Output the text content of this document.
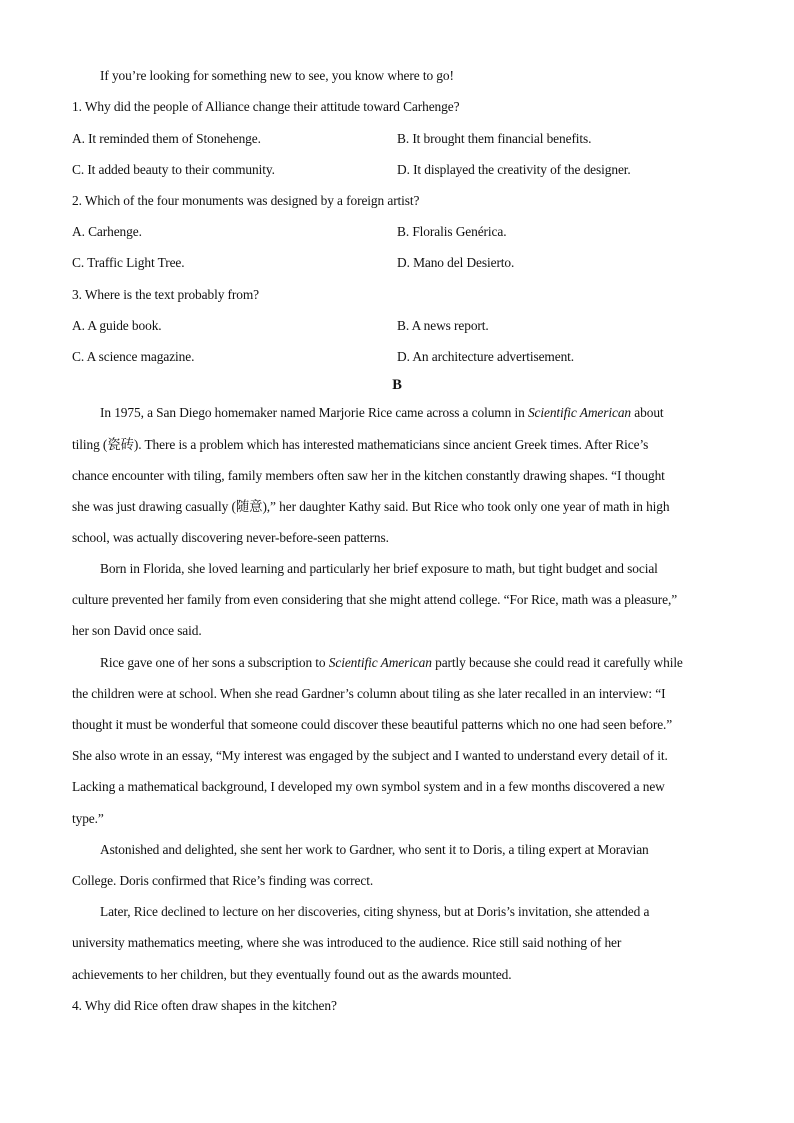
If you’re looking for something new to see, you know where to go!
1. Why did the people of Alliance change their attitude toward Carhenge?
A. It reminded them of Stonehenge.	B. It brought them financial benefits.
C. It added beauty to their community.	D. It displayed the creativity of the designer.
2. Which of the four monuments was designed by a foreign artist?
A. Carhenge.	B. Floralis Genérica.
C. Traffic Light Tree.	D. Mano del Desierto.
3. Where is the text probably from?
A. A guide book.	B. A news report.
C. A science magazine.	D. An architecture advertisement.
B
In 1975, a San Diego homemaker named Marjorie Rice came across a column in Scientific American about
tiling (瓷砖). There is a problem which has interested mathematicians since ancient Greek times. After Rice’s
chance encounter with tiling, family members often saw her in the kitchen constantly drawing shapes. “I thought
she was just drawing casually (随意),” her daughter Kathy said. But Rice who took only one year of math in high
school, was actually discovering never-before-seen patterns.
Born in Florida, she loved learning and particularly her brief exposure to math, but tight budget and social
culture prevented her family from even considering that she might attend college. “For Rice, math was a pleasure,”
her son David once said.
Rice gave one of her sons a subscription to Scientific American partly because she could read it carefully while
the children were at school. When she read Gardner’s column about tiling as she later recalled in an interview: “I
thought it must be wonderful that someone could discover these beautiful patterns which no one had seen before.”
She also wrote in an essay, “My interest was engaged by the subject and I wanted to understand every detail of it.
Lacking a mathematical background, I developed my own symbol system and in a few months discovered a new
type.”
Astonished and delighted, she sent her work to Gardner, who sent it to Doris, a tiling expert at Moravian
College. Doris confirmed that Rice’s finding was correct.
Later, Rice declined to lecture on her discoveries, citing shyness, but at Doris’s invitation, she attended a
university mathematics meeting, where she was introduced to the audience. Rice still said nothing of her
achievements to her children, but they eventually found out as the awards mounted.
4. Why did Rice often draw shapes in the kitchen?
